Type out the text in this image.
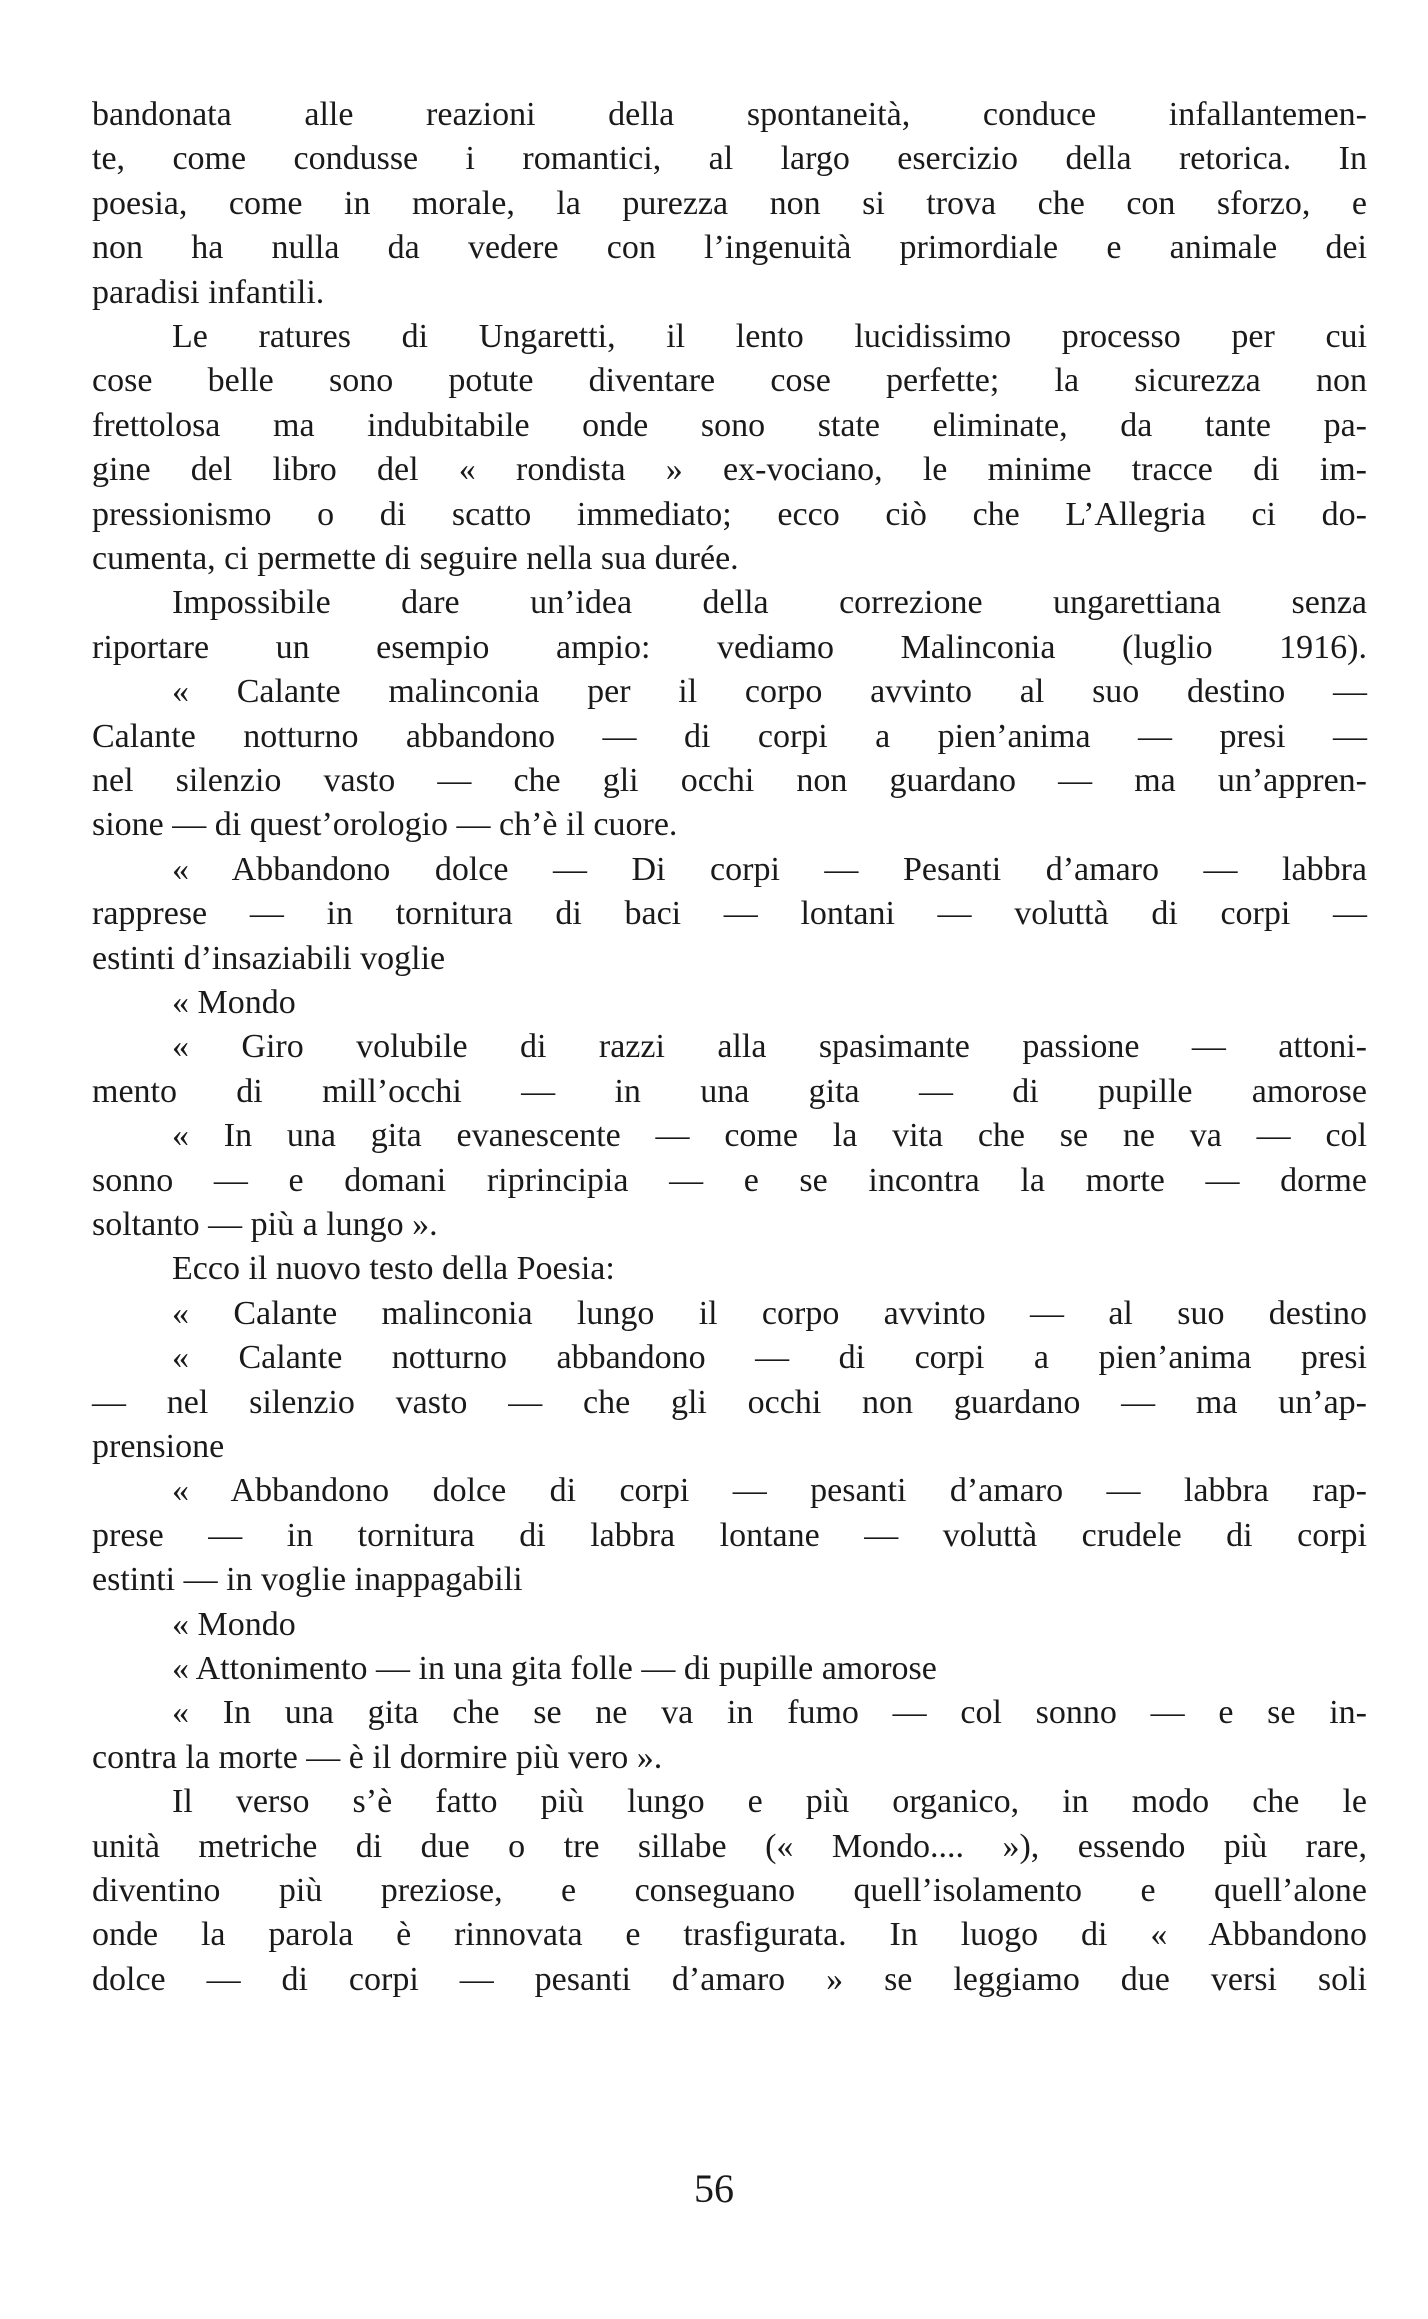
bandonata alle reazioni della spontaneità, conduce infallantemen-
te, come condusse i romantici, al largo esercizio della retorica. In
poesia, come in morale, la purezza non si trova che con sforzo, e
non ha nulla da vedere con l’ingenuità primordiale e animale dei
paradisi infantili.
Le ratures di Ungaretti, il lento lucidissimo processo per cui
cose belle sono potute diventare cose perfette; la sicurezza non
frettolosa ma indubitabile onde sono state eliminate, da tante pa-
gine del libro del « rondista » ex-vociano, le minime tracce di im-
pressionismo o di scatto immediato; ecco ciò che L’Allegria ci do-
cumenta, ci permette di seguire nella sua durée.
Impossibile dare un’idea della correzione ungarettiana senza
riportare un esempio ampio: vediamo Malinconia (luglio 1916).
« Calante malinconia per il corpo avvinto al suo destino —
Calante notturno abbandono — di corpi a pien’anima — presi —
nel silenzio vasto — che gli occhi non guardano — ma un’appren-
sione — di quest’orologio — ch’è il cuore.
« Abbandono dolce — Di corpi — Pesanti d’amaro — labbra
rapprese — in tornitura di baci — lontani — voluttà di corpi —
estinti d’insaziabili voglie
« Mondo
« Giro volubile di razzi alla spasimante passione — attoni-
mento di mill’occhi — in una gita — di pupille amorose
« In una gita evanescente — come la vita che se ne va — col
sonno — e domani riprincipia — e se incontra la morte — dorme
soltanto — più a lungo ».
Ecco il nuovo testo della Poesia:
« Calante malinconia lungo il corpo avvinto — al suo destino
« Calante notturno abbandono — di corpi a pien’anima presi
— nel silenzio vasto — che gli occhi non guardano — ma un’ap-
prensione
« Abbandono dolce di corpi — pesanti d’amaro — labbra rap-
prese — in tornitura di labbra lontane — voluttà crudele di corpi
estinti — in voglie inappagabili
« Mondo
« Attonimento — in una gita folle — di pupille amorose
« In una gita che se ne va in fumo — col sonno — e se in-
contra la morte — è il dormire più vero ».
Il verso s’è fatto più lungo e più organico, in modo che le
unità metriche di due o tre sillabe (« Mondo.... »), essendo più rare,
diventino più preziose, e conseguano quell’isolamento e quell’alone
onde la parola è rinnovata e trasfigurata. In luogo di « Abbandono
dolce — di corpi — pesanti d’amaro » se leggiamo due versi soli
56
